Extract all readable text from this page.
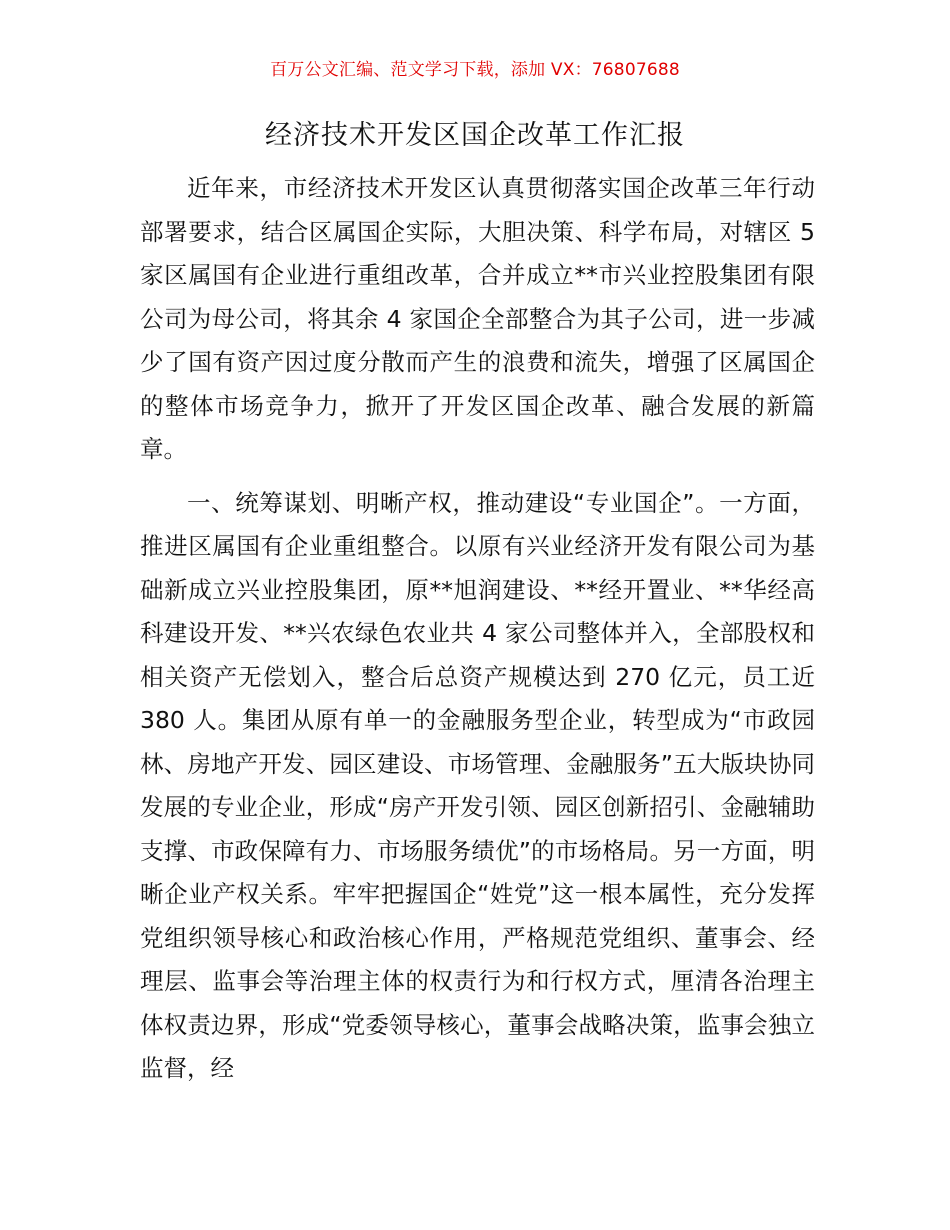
百万公文汇编、范文学习下载，添加 VX：76807688
经济技术开发区国企改革工作汇报

近年来，市经济技术开发区认真贯彻落实国企改革三年行动部署要求，结合区属国企实际，大胆决策、科学布局，对辖区 5 家区属国有企业进行重组改革，合并成立**市兴业控股集团有限公司为母公司，将其余 4 家国企全部整合为其子公司，进一步减少了国有资产因过度分散而产生的浪费和流失，增强了区属国企的整体市场竞争力，掀开了开发区国企改革、融合发展的新篇章。

一、统筹谋划、明晰产权，推动建设“专业国企”。一方面，推进区属国有企业重组整合。以原有兴业经济开发有限公司为基础新成立兴业控股集团，原**旭润建设、**经开置业、**华经高科建设开发、**兴农绿色农业共 4 家公司整体并入，全部股权和相关资产无偿划入，整合后总资产规模达到 270 亿元，员工近 380 人。集团从原有单一的金融服务型企业，转型成为“市政园林、房地产开发、园区建设、市场管理、金融服务”五大版块协同发展的专业企业，形成“房产开发引领、园区创新招引、金融辅助支撑、市政保障有力、市场服务绩优”的市场格局。另一方面，明晰企业产权关系。牢牢把握国企“姓党”这一根本属性，充分发挥党组织领导核心和政治核心作用，严格规范党组织、董事会、经理层、监事会等治理主体的权责行为和行权方式，厘清各治理主体权责边界，形成“党委领导核心，董事会战略决策，监事会独立监督，经
